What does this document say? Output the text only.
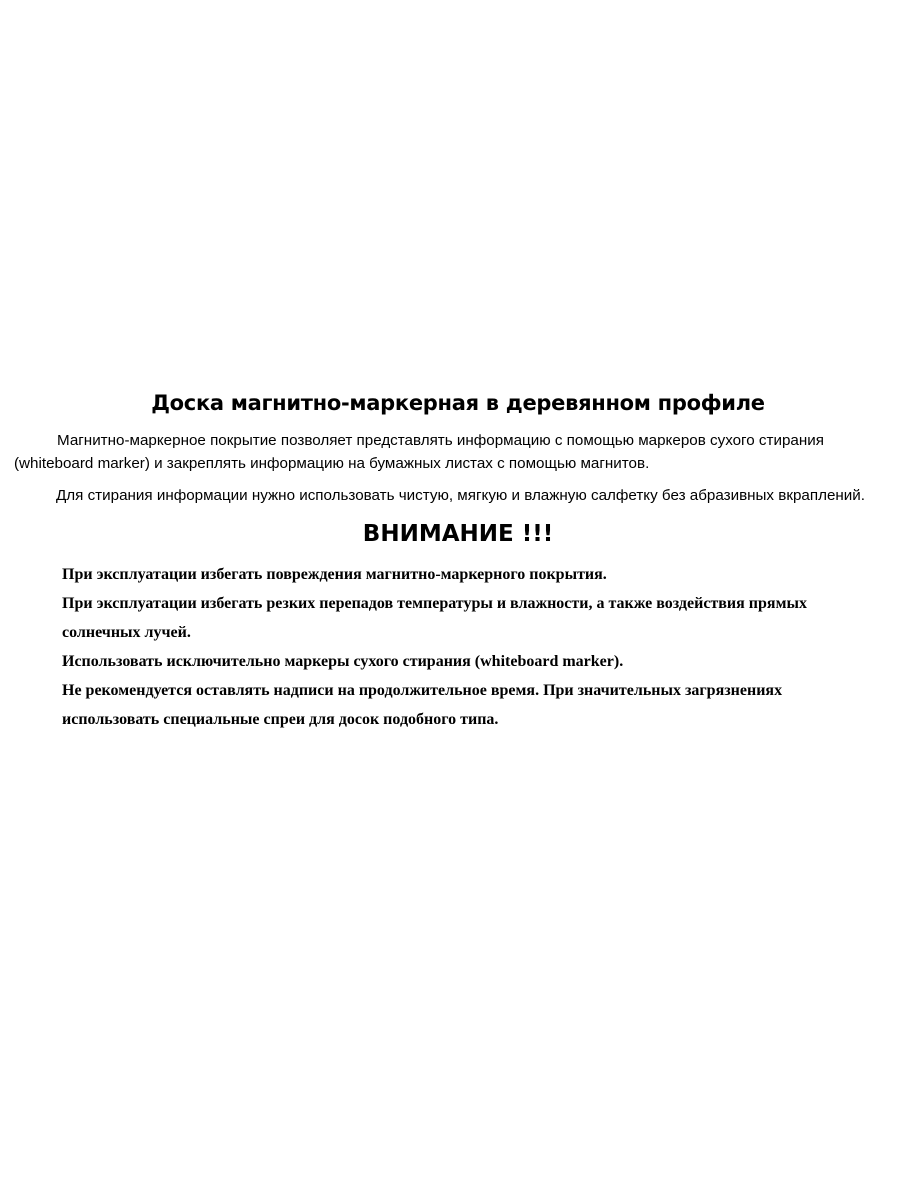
Доска магнитно-маркерная в деревянном профиле

Магнитно-маркерное покрытие позволяет представлять информацию с помощью маркеров сухого стирания (whiteboard marker) и закреплять информацию на бумажных листах с помощью магнитов.

Для стирания информации нужно использовать чистую, мягкую и влажную салфетку без абразивных вкраплений.

ВНИМАНИЕ !!!
При эксплуатации избегать повреждения магнитно-маркерного покрытия.
При эксплуатации избегать резких перепадов температуры и влажности, а также воздействия прямых солнечных лучей.
Использовать исключительно маркеры сухого стирания (whiteboard marker).
Не рекомендуется оставлять надписи на продолжительное время. При значительных загрязнениях использовать специальные спреи для досок подобного типа.
